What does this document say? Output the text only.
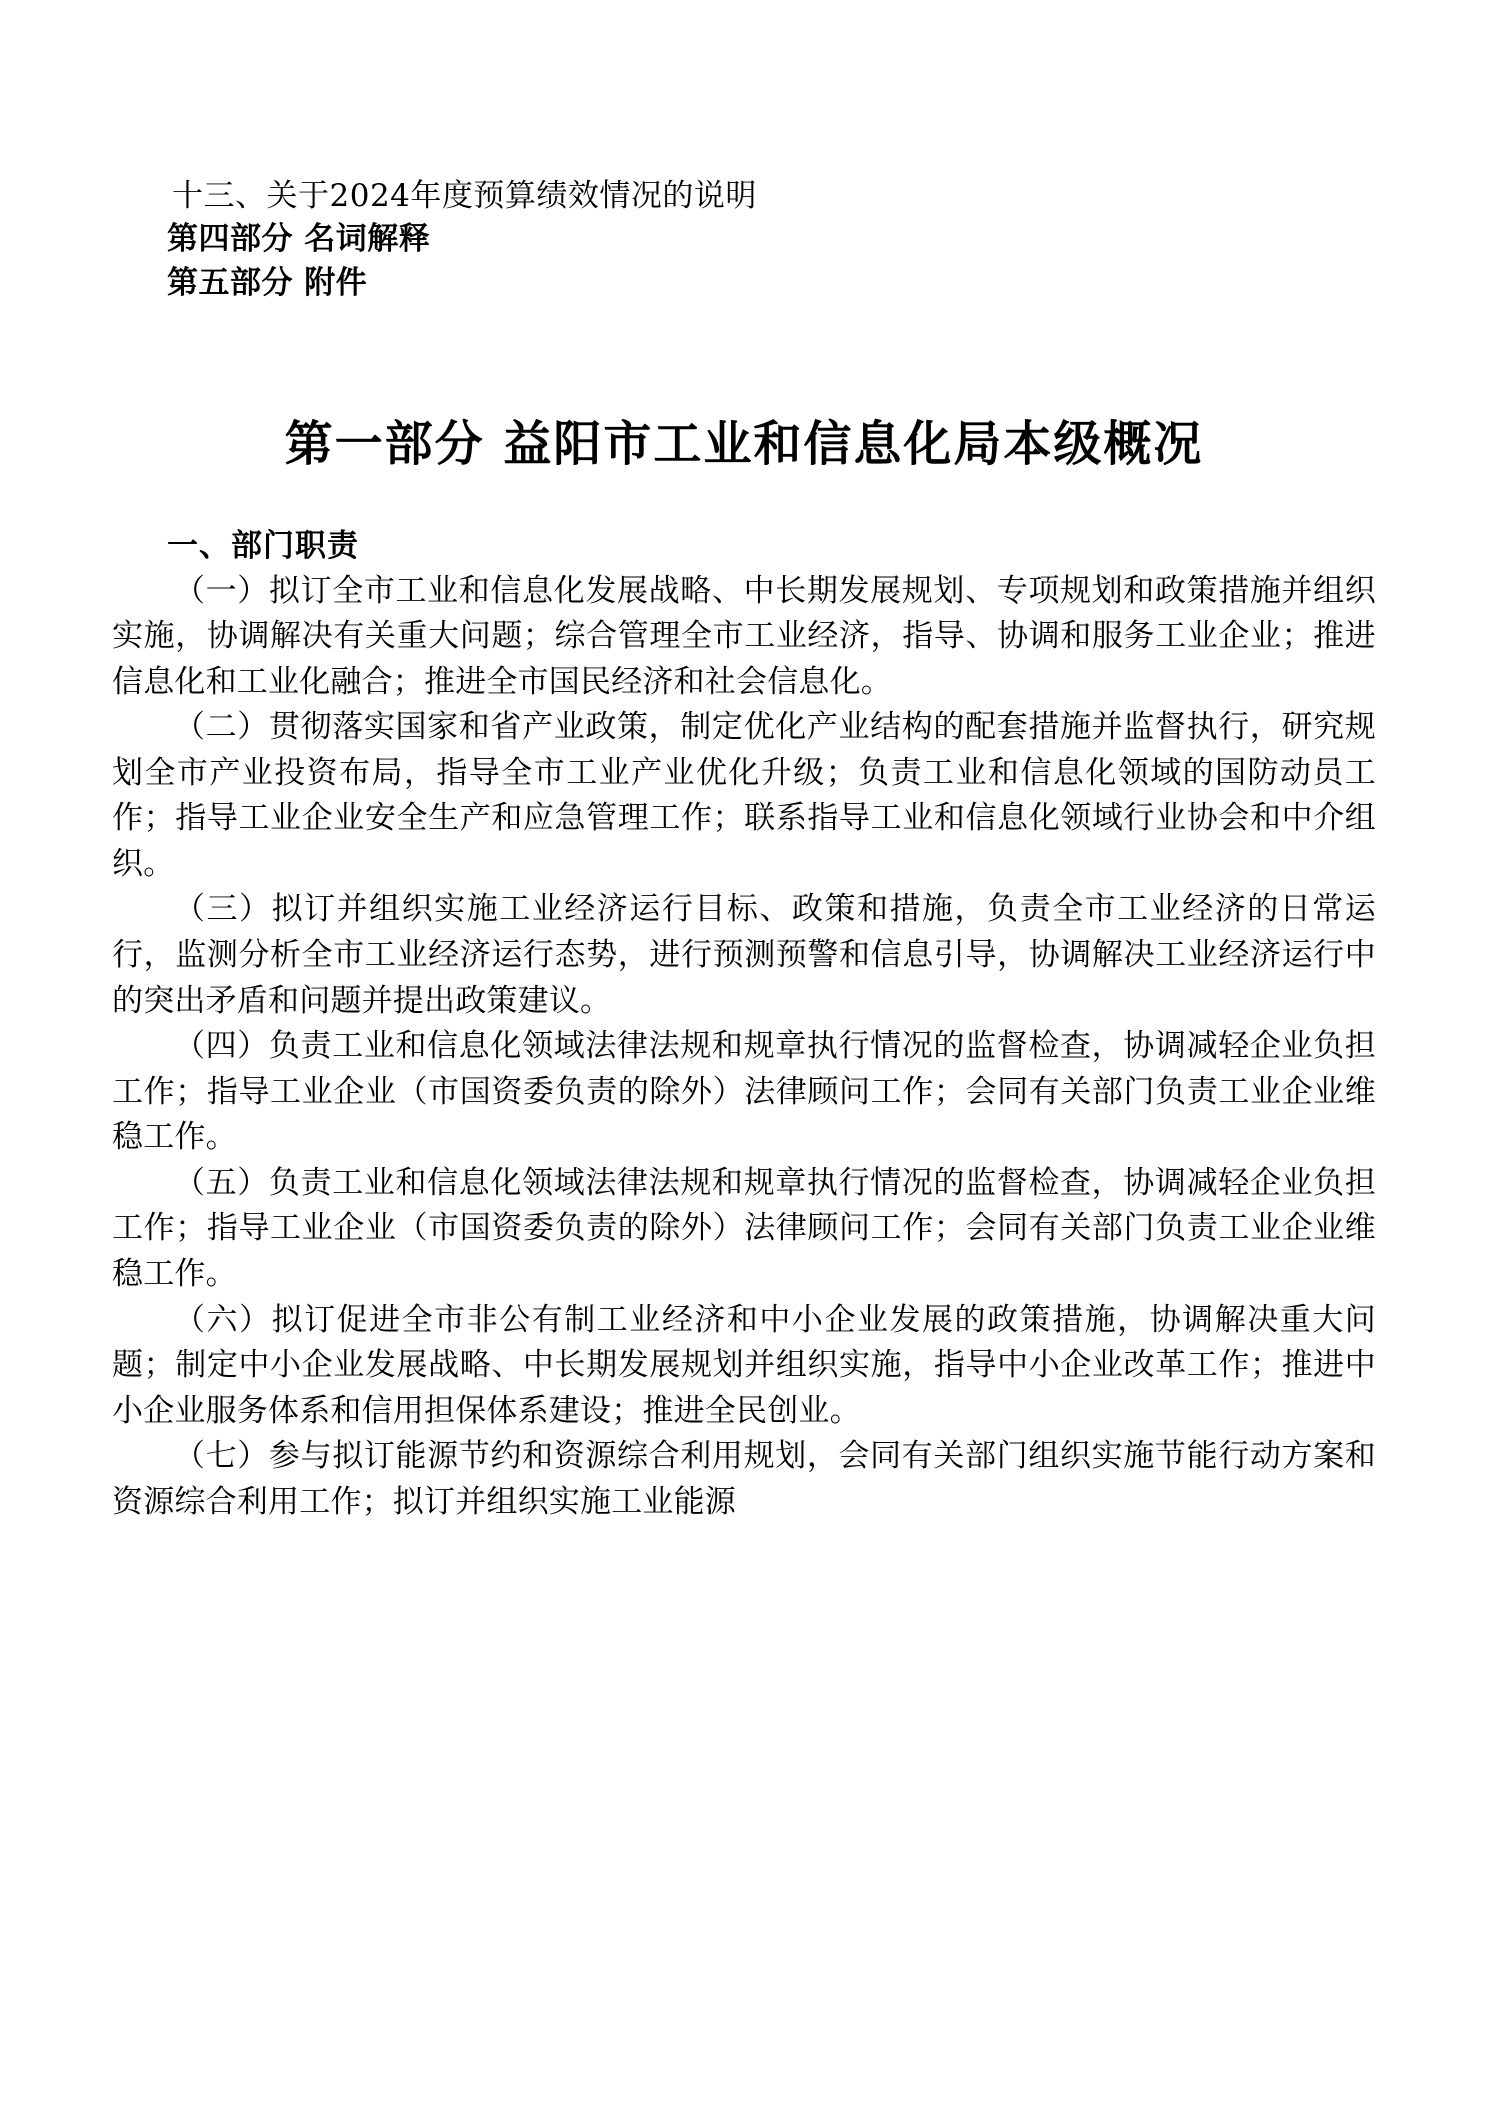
十三、关于2024年度预算绩效情况的说明
第四部分 名词解释
第五部分 附件
第一部分 益阳市工业和信息化局本级概况
一、部门职责

（一）拟订全市工业和信息化发展战略、中长期发展规划、专项规划和政策措施并组织实施，协调解决有关重大问题；综合管理全市工业经济，指导、协调和服务工业企业；推进信息化和工业化融合；推进全市国民经济和社会信息化。

（二）贯彻落实国家和省产业政策，制定优化产业结构的配套措施并监督执行，研究规划全市产业投资布局，指导全市工业产业优化升级；负责工业和信息化领域的国防动员工作；指导工业企业安全生产和应急管理工作；联系指导工业和信息化领域行业协会和中介组织。

（三）拟订并组织实施工业经济运行目标、政策和措施，负责全市工业经济的日常运行，监测分析全市工业经济运行态势，进行预测预警和信息引导，协调解决工业经济运行中的突出矛盾和问题并提出政策建议。

（四）负责工业和信息化领域法律法规和规章执行情况的监督检查，协调减轻企业负担工作；指导工业企业（市国资委负责的除外）法律顾问工作；会同有关部门负责工业企业维稳工作。

（五）负责工业和信息化领域法律法规和规章执行情况的监督检查，协调减轻企业负担工作；指导工业企业（市国资委负责的除外）法律顾问工作；会同有关部门负责工业企业维稳工作。

（六）拟订促进全市非公有制工业经济和中小企业发展的政策措施，协调解决重大问题；制定中小企业发展战略、中长期发展规划并组织实施，指导中小企业改革工作；推进中小企业服务体系和信用担保体系建设；推进全民创业。

（七）参与拟订能源节约和资源综合利用规划，会同有关部门组织实施节能行动方案和资源综合利用工作；拟订并组织实施工业能源
